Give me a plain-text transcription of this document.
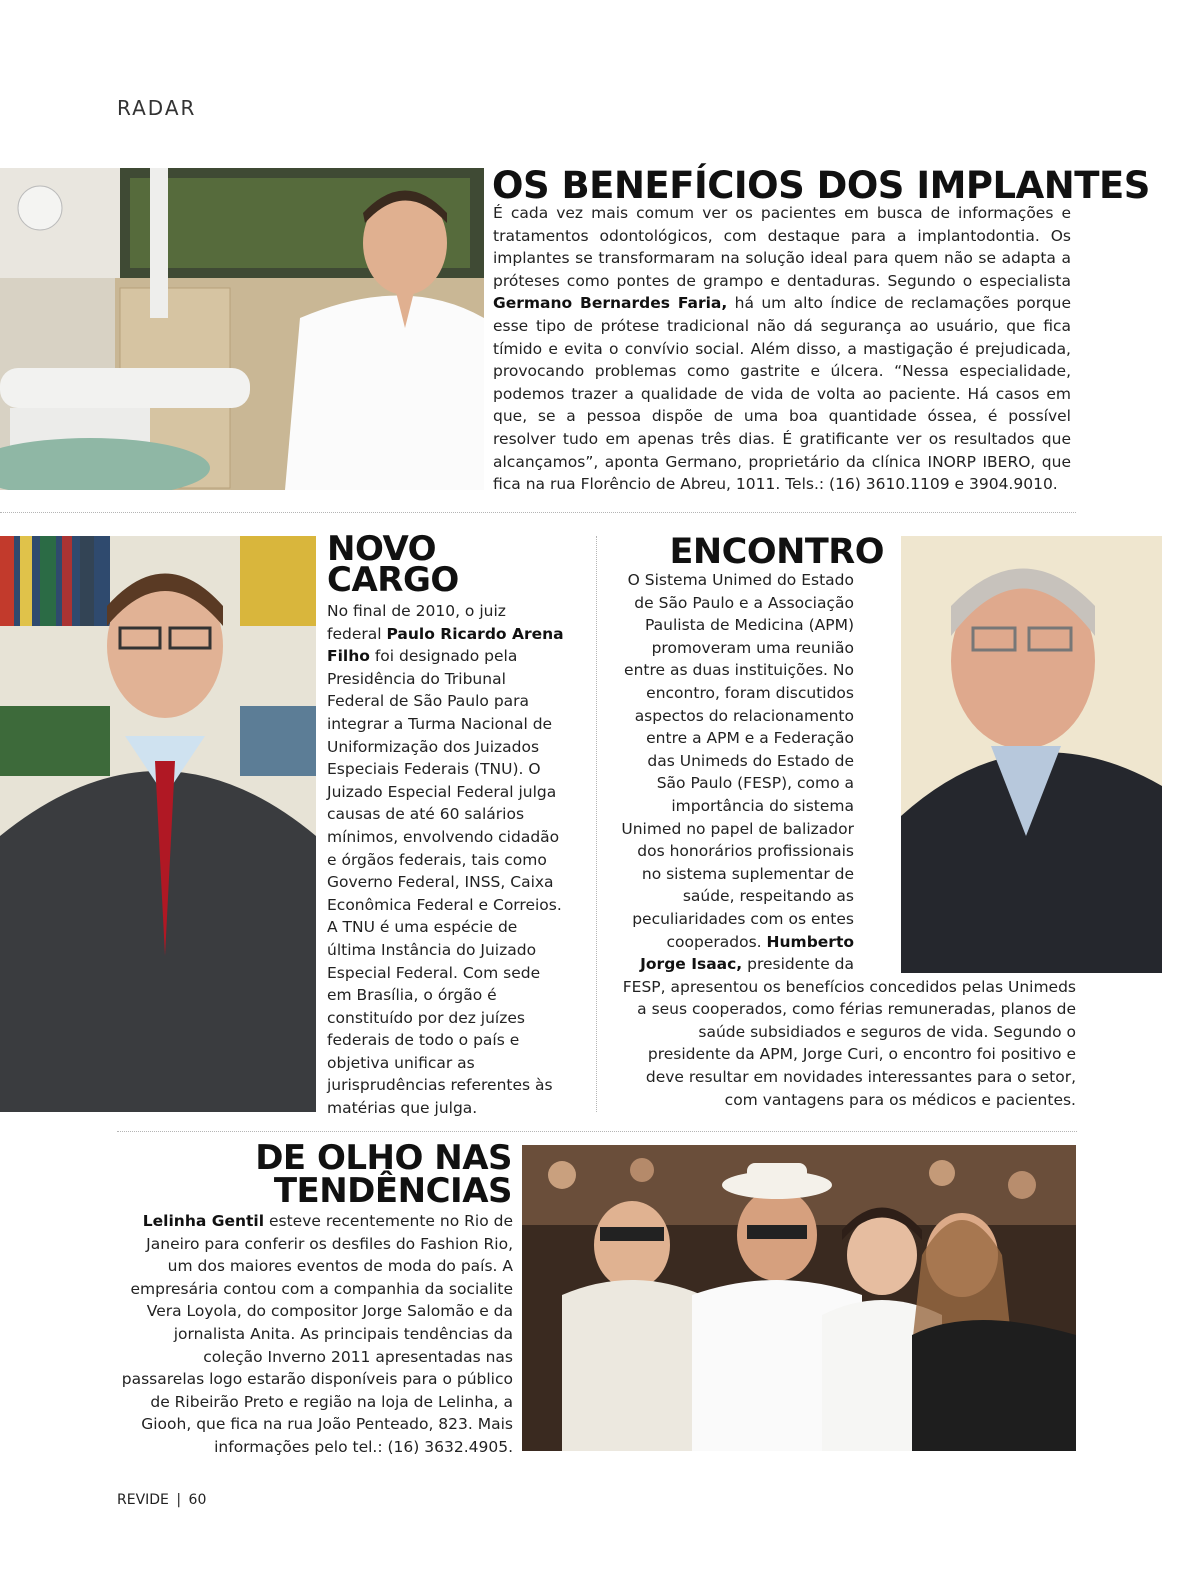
RADAR
OS BENEFÍCIOS DOS IMPLANTES
É cada vez mais comum ver os pacientes em busca de informações e tratamentos odontológicos, com destaque para a implantodontia. Os implantes se transformaram na solução ideal para quem não se adapta a próteses como pontes de grampo e dentaduras. Segundo o especialista Germano Bernardes Faria, há um alto índice de reclamações porque esse tipo de prótese tradicional não dá segurança ao usuário, que fica tímido e evita o convívio social. Além disso, a mastigação é prejudicada, provocando problemas como gastrite e úlcera. “Nessa especialidade, podemos trazer a qualidade de vida de volta ao paciente. Há casos em que, se a pessoa dispõe de uma boa quantidade óssea, é possível resolver tudo em apenas três dias. É gratificante ver os resultados que alcançamos”, aponta Germano, proprietário da clínica INORP IBERO, que fica na rua Florêncio de Abreu, 1011. Tels.: (16) 3610.1109 e 3904.9010.
NOVO
CARGO
No final de 2010, o juiz federal Paulo Ricardo Arena Filho foi designado pela Presidência do Tribunal Federal de São Paulo para integrar a Turma Nacional de Uniformização dos Juizados Especiais Federais (TNU). O Juizado Especial Federal julga causas de até 60 salários mínimos, envolvendo cidadão e órgãos federais, tais como Governo Federal, INSS, Caixa Econômica Federal e Correios. A TNU é uma espécie de última Instância do Juizado Especial Federal. Com sede em Brasília, o órgão é constituído por dez juízes federais de todo o país e objetiva unificar as jurisprudências referentes às matérias que julga.
ENCONTRO
O Sistema Unimed do Estado de São Paulo e a Associação Paulista de Medicina (APM) promoveram uma reunião entre as duas instituições. No encontro, foram discutidos aspectos do relacionamento entre a APM e a Federação das Unimeds do Estado de São Paulo (FESP), como a importância do sistema Unimed no papel de balizador dos honorários profissionais no sistema suplementar de saúde, respeitando as peculiaridades com os entes cooperados. Humberto Jorge Isaac, presidente da FESP, apresentou os benefícios concedidos pelas Unimeds a seus cooperados, como férias remuneradas, planos de saúde subsidiados e seguros de vida. Segundo o presidente da APM, Jorge Curi, o encontro foi positivo e deve resultar em novidades interessantes para o setor, com vantagens para os médicos e pacientes.
DE OLHO NAS
TENDÊNCIAS
Lelinha Gentil esteve recentemente no Rio de Janeiro para conferir os desfiles do Fashion Rio, um dos maiores eventos de moda do país. A empresária contou com a companhia da socialite Vera Loyola, do compositor Jorge Salomão e da jornalista Anita. As principais tendências da coleção Inverno 2011 apresentadas nas passarelas logo estarão disponíveis para o público de Ribeirão Preto e região na loja de Lelinha, a Giooh, que fica na rua João Penteado, 823. Mais informações pelo tel.: (16) 3632.4905.
REVIDE | 60
